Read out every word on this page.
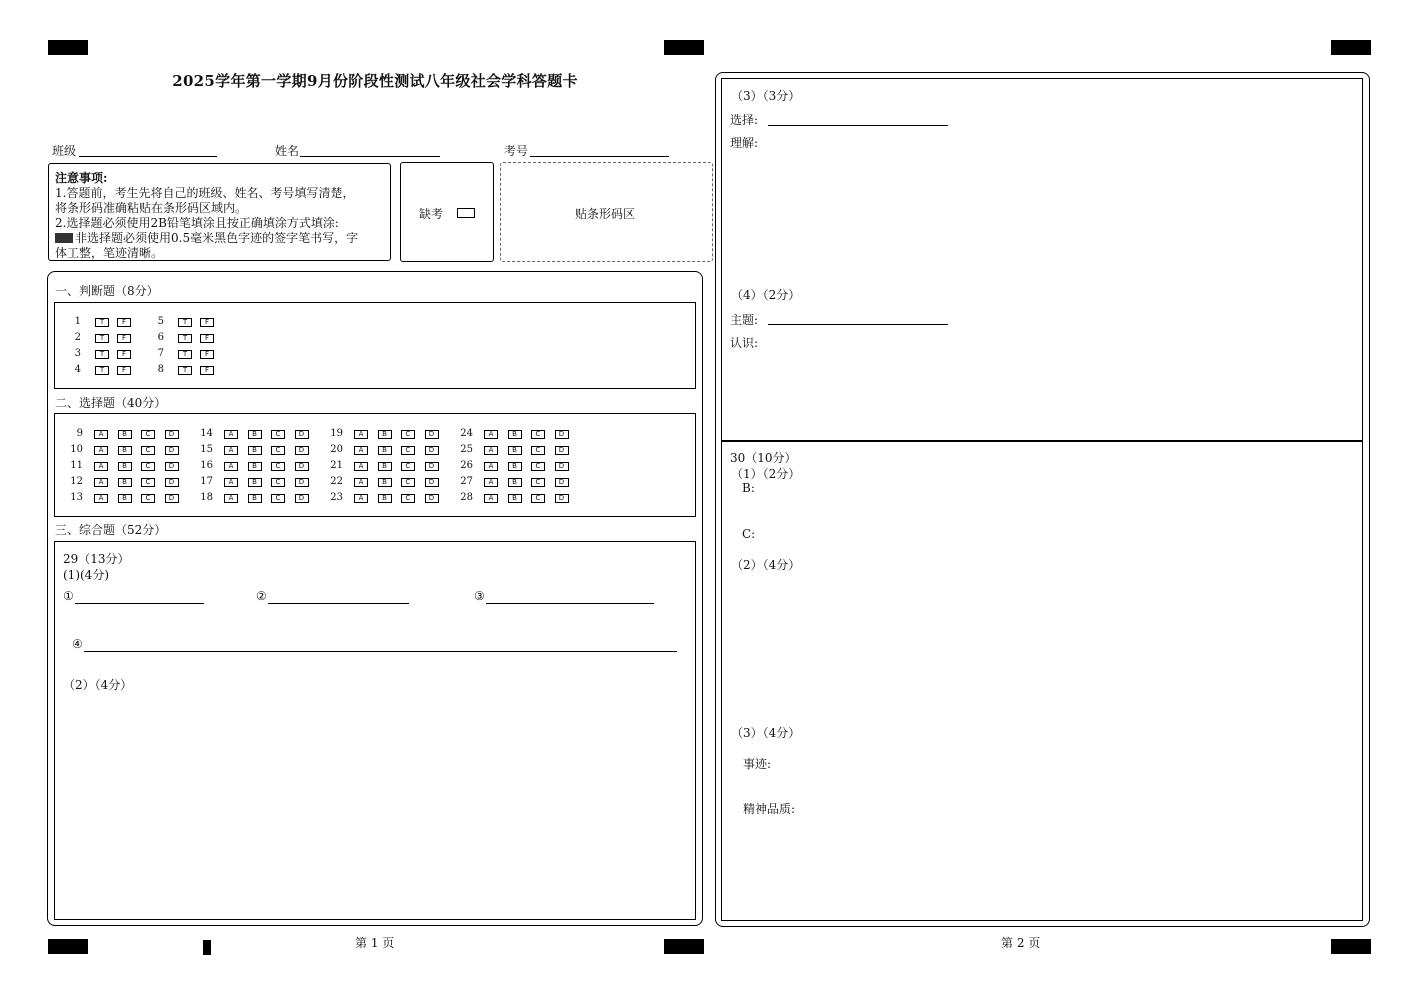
2025学年第一学期9月份阶段性测试八年级社会学科答题卡
班级	姓名	考号
注意事项:
1.答题前，考生先将自己的班级、姓名、考号填写清楚，
将条形码准确粘贴在条形码区域内。
2.选择题必须使用2B铅笔填涂且按正确填涂方式填涂:
非选择题必须使用0.5毫米黑色字迹的签字笔书写，字
体工整，笔迹清晰。
缺考	贴条形码区
一、判断题（8分）
1	T	F
2	T	F
3	T	F
4	T	F
5	T	F
6	T	F
7	T	F
8	T	F
二、选择题（40分）
9	A	B	C	D
10	A	B	C	D
11	A	B	C	D
12	A	B	C	D
13	A	B	C	D
14	A	B	C	D
15	A	B	C	D
16	A	B	C	D
17	A	B	C	D
18	A	B	C	D
19	A	B	C	D
20	A	B	C	D
21	A	B	C	D
22	A	B	C	D
23	A	B	C	D
24	A	B	C	D
25	A	B	C	D
26	A	B	C	D
27	A	B	C	D
28	A	B	C	D
三、综合题（52分）
29（13分）
(1)(4分)
①	②	③
④
（2）（4分）
（3）（3分）
选择:
理解:
（4）（2分）
主题:
认识:
30（10分）
（1）（2分）
B:
C:
（2）（4分）
（3）（4分）
事迹:
精神品质:
第 1 页	第 2 页
